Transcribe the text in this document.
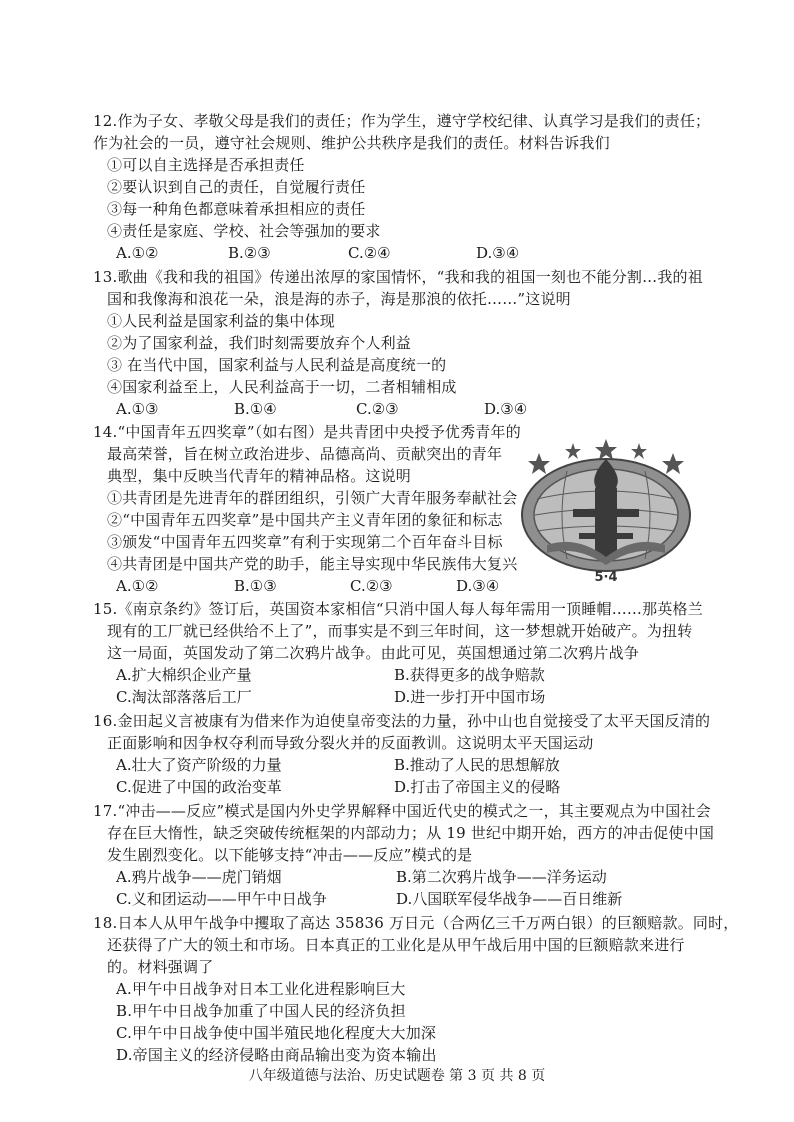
12.作为子女、孝敬父母是我们的责任；作为学生，遵守学校纪律、认真学习是我们的责任；
作为社会的一员，遵守社会规则、维护公共秩序是我们的责任。材料告诉我们
①可以自主选择是否承担责任
②要认识到自己的责任，自觉履行责任
③每一种角色都意味着承担相应的责任
④责任是家庭、学校、社会等强加的要求
A.①②	B.②③	C.②④	D.③④
13.歌曲《我和我的祖国》传递出浓厚的家国情怀，“我和我的祖国一刻也不能分割…我的祖
国和我像海和浪花一朵，浪是海的赤子，海是那浪的依托……”这说明
①人民利益是国家利益的集中体现
②为了国家利益，我们时刻需要放弃个人利益
③ 在当代中国，国家利益与人民利益是高度统一的
④国家利益至上，人民利益高于一切，二者相辅相成
A.①③	B.①④	C.②③	D.③④
14.“中国青年五四奖章”（如右图）是共青团中央授予优秀青年的
最高荣誉，旨在树立政治进步、品德高尚、贡献突出的青年
典型，集中反映当代青年的精神品格。这说明
①共青团是先进青年的群团组织，引领广大青年服务奉献社会
②“中国青年五四奖章”是中国共产主义青年团的象征和标志
③颁发“中国青年五四奖章”有利于实现第二个百年奋斗目标
④共青团是中国共产党的助手，能主导实现中华民族伟大复兴
A.①②	B.①③	C.②③	D.③④	5·4
15.《南京条约》签订后，英国资本家相信“只消中国人每人每年需用一顶睡帽……那英格兰
现有的工厂就已经供给不上了”，而事实是不到三年时间，这一梦想就开始破产。为扭转
这一局面，英国发动了第二次鸦片战争。由此可见，英国想通过第二次鸦片战争
A.扩大棉织企业产量	B.获得更多的战争赔款
C.淘汰部落落后工厂	D.进一步打开中国市场
16.金田起义言被康有为借来作为迫使皇帝变法的力量，孙中山也自觉接受了太平天国反清的
正面影响和因争权夺利而导致分裂火并的反面教训。这说明太平天国运动
A.壮大了资产阶级的力量	B.推动了人民的思想解放
C.促进了中国的政治变革	D.打击了帝国主义的侵略
17.“冲击——反应”模式是国内外史学界解释中国近代史的模式之一，其主要观点为中国社会
存在巨大惰性，缺乏突破传统框架的内部动力；从 19 世纪中期开始，西方的冲击促使中国
发生剧烈变化。以下能够支持“冲击——反应”模式的是
A.鸦片战争——虎门销烟	B.第二次鸦片战争——洋务运动
C.义和团运动——甲午中日战争	D.八国联军侵华战争——百日维新
18.日本人从甲午战争中攫取了高达 35836 万日元（合两亿三千万两白银）的巨额赔款。同时，
还获得了广大的领土和市场。日本真正的工业化是从甲午战后用中国的巨额赔款来进行
的。材料强调了
A.甲午中日战争对日本工业化进程影响巨大
B.甲午中日战争加重了中国人民的经济负担
C.甲午中日战争使中国半殖民地化程度大大加深
D.帝国主义的经济侵略由商品输出变为资本输出
八年级道德与法治、历史试题卷 第 3 页 共 8 页
